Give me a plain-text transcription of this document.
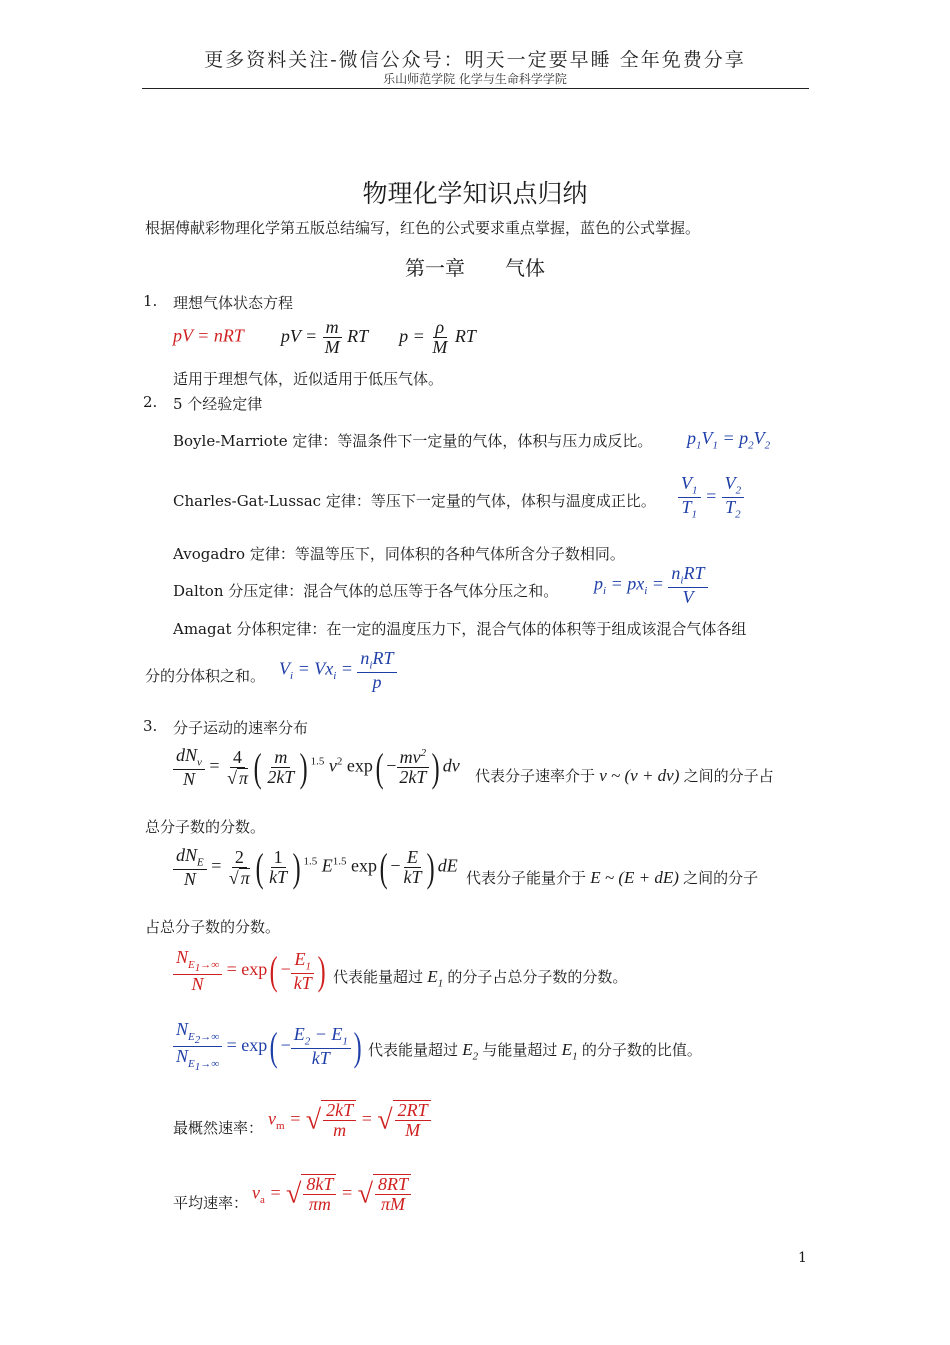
更多资料关注-微信公众号：明天一定要早睡 全年免费分享
乐山师范学院 化学与生命科学学院
物理化学知识点归纳
根据傅献彩物理化学第五版总结编写，红色的公式要求重点掌握，蓝色的公式掌握。
第一章　　气体
1. 理想气体状态方程
pV = nRT pV = $\frac{m}{M}$ RT $p = \frac{\rho}{M}$ RT
适用于理想气体，近似适用于低压气体。
2. 5 个经验定律
Boyle-Marriote 定律：等温条件下一定量的气体，体积与压力成反比。 $p_1V_1 = p_2V_2$
Charles-Gat-Lussac 定律：等压下一定量的气体，体积与温度成正比。 $\frac{V_1}{T_1} = \frac{V_2}{T_2}$
Avogadro 定律：等温等压下，同体积的各种气体所含分子数相同。
Dalton 分压定律：混合气体的总压等于各气体分压之和。 $p_i = px_i = \frac{n_iRT}{V}$
Amagat 分体积定律：在一定的温度压力下，混合气体的体积等于组成该混合气体各组
分的分体积之和。 $V_i = Vx_i = \frac{n_iRT}{p}$
3. 分子运动的速率分布
$\frac{dN_v}{N} = \frac{4}{√ \pi}$ ( $\frac{m}{2kT}$ ) $^{1.5}$ $v^2$ $\exp( - \frac{mv^2}{2kT}$ ) dv
代表分子速率介于 v ~ (v + dv) 之间的分子占
总分子数的分数。
$\frac{dN_E}{N} = \frac{2}{√ \pi}$ ( $\frac{1}{kT}$ ) $^{1.5}$ $E^{1.5}$ $\exp( - \frac{E}{kT}$ ) dE
代表分子能量介于 E ~ (E + dE) 之间的分子
占总分子数的分数。
$\frac{N_{E_1\to\infty}}{N} = \exp( - \frac{E_1}{kT}$ ) 代表能量超过 $E_1$ 的分子占总分子数的分数。
$\frac{N_{E_2\to\infty}}{N_{E_1\to\infty}} = \exp( - \frac{E_2 - E_1}{kT}$ ) 代表能量超过 $E_2$ 与能量超过 $E_1$ 的分子数的比值。
最概然速率： $v_m$ = √ $\frac{2kT}{m}$ = √ $\frac{2RT}{M}$
平均速率：
$v_a$ = √ $\frac{8kT}{\pi m}$ = √ $\frac{8RT}{\pi M}$
1
